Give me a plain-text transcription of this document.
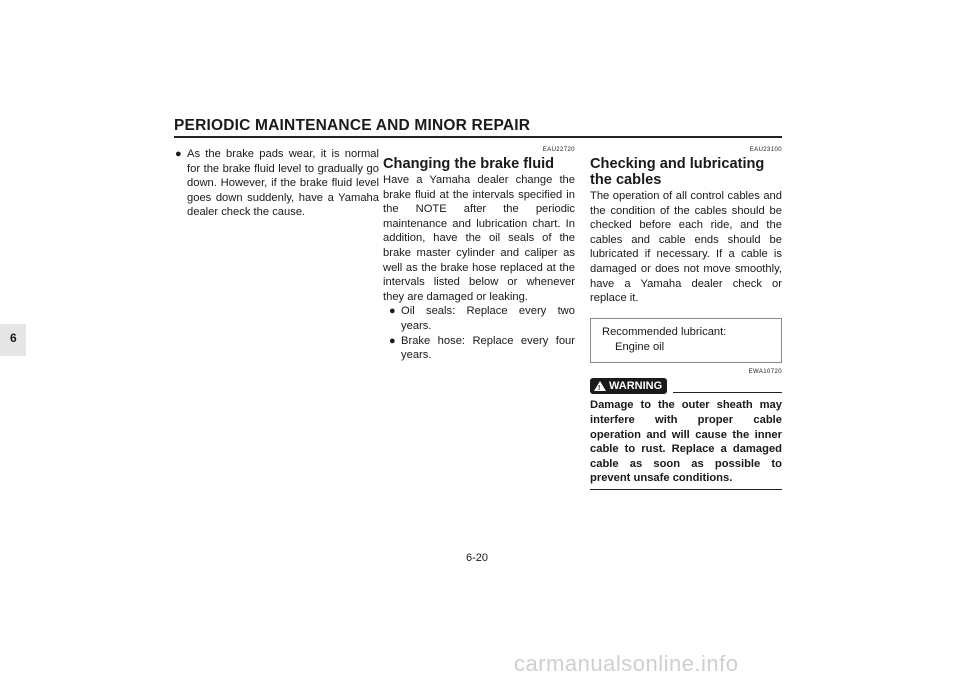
PERIODIC MAINTENANCE AND MINOR REPAIR
6
● As the brake pads wear, it is normal for the brake fluid level to gradually go down. However, if the brake fluid level goes down suddenly, have a Yamaha dealer check the cause.
EAU22720
Changing the brake fluid
Have a Yamaha dealer change the brake fluid at the intervals specified in the NOTE after the periodic maintenance and lubrication chart. In addition, have the oil seals of the brake master cylinder and caliper as well as the brake hose replaced at the intervals listed below or whenever they are damaged or leaking.
● Oil seals: Replace every two years.
● Brake hose: Replace every four years.
EAU23100
Checking and lubricating the cables
The operation of all control cables and the condition of the cables should be checked before each ride, and the cables and cable ends should be lubricated if necessary. If a cable is damaged or does not move smoothly, have a Yamaha dealer check or replace it.
Recommended lubricant:
Engine oil
EWA10720
!
WARNING
Damage to the outer sheath may interfere with proper cable operation and will cause the inner cable to rust. Replace a damaged cable as soon as possible to prevent unsafe conditions.
6-20
carmanualsonline.info
